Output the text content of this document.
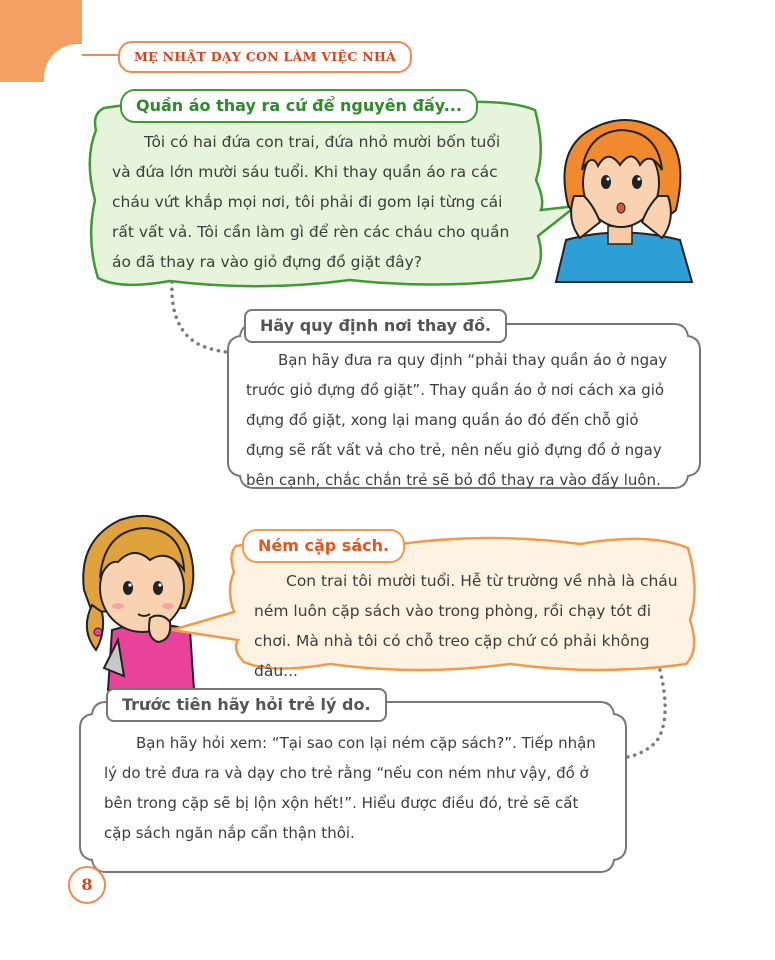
MẸ NHẬT DẠY CON LÀM VIỆC NHÀ
Quần áo thay ra cứ để nguyên đấy...

Tôi có hai đứa con trai, đứa nhỏ mười bốn tuổi và đứa lớn mười sáu tuổi. Khi thay quần áo ra các cháu vứt khắp mọi nơi, tôi phải đi gom lại từng cái rất vất vả. Tôi cần làm gì để rèn các cháu cho quần áo đã thay ra vào giỏ đựng đồ giặt đây?

Hãy quy định nơi thay đồ.

Bạn hãy đưa ra quy định “phải thay quần áo ở ngay trước giỏ đựng đồ giặt”. Thay quần áo ở nơi cách xa giỏ đựng đồ giặt, xong lại mang quần áo đó đến chỗ giỏ đựng sẽ rất vất vả cho trẻ, nên nếu giỏ đựng đồ ở ngay bên cạnh, chắc chắn trẻ sẽ bỏ đồ thay ra vào đấy luôn.

Ném cặp sách.

Con trai tôi mười tuổi. Hễ từ trường về nhà là cháu ném luôn cặp sách vào trong phòng, rồi chạy tót đi chơi. Mà nhà tôi có chỗ treo cặp chứ có phải không đâu...

Trước tiên hãy hỏi trẻ lý do.

Bạn hãy hỏi xem: “Tại sao con lại ném cặp sách?”. Tiếp nhận lý do trẻ đưa ra và dạy cho trẻ rằng “nếu con ném như vậy, đồ ở bên trong cặp sẽ bị lộn xộn hết!”. Hiểu được điều đó, trẻ sẽ cất cặp sách ngăn nắp cẩn thận thôi.

8
